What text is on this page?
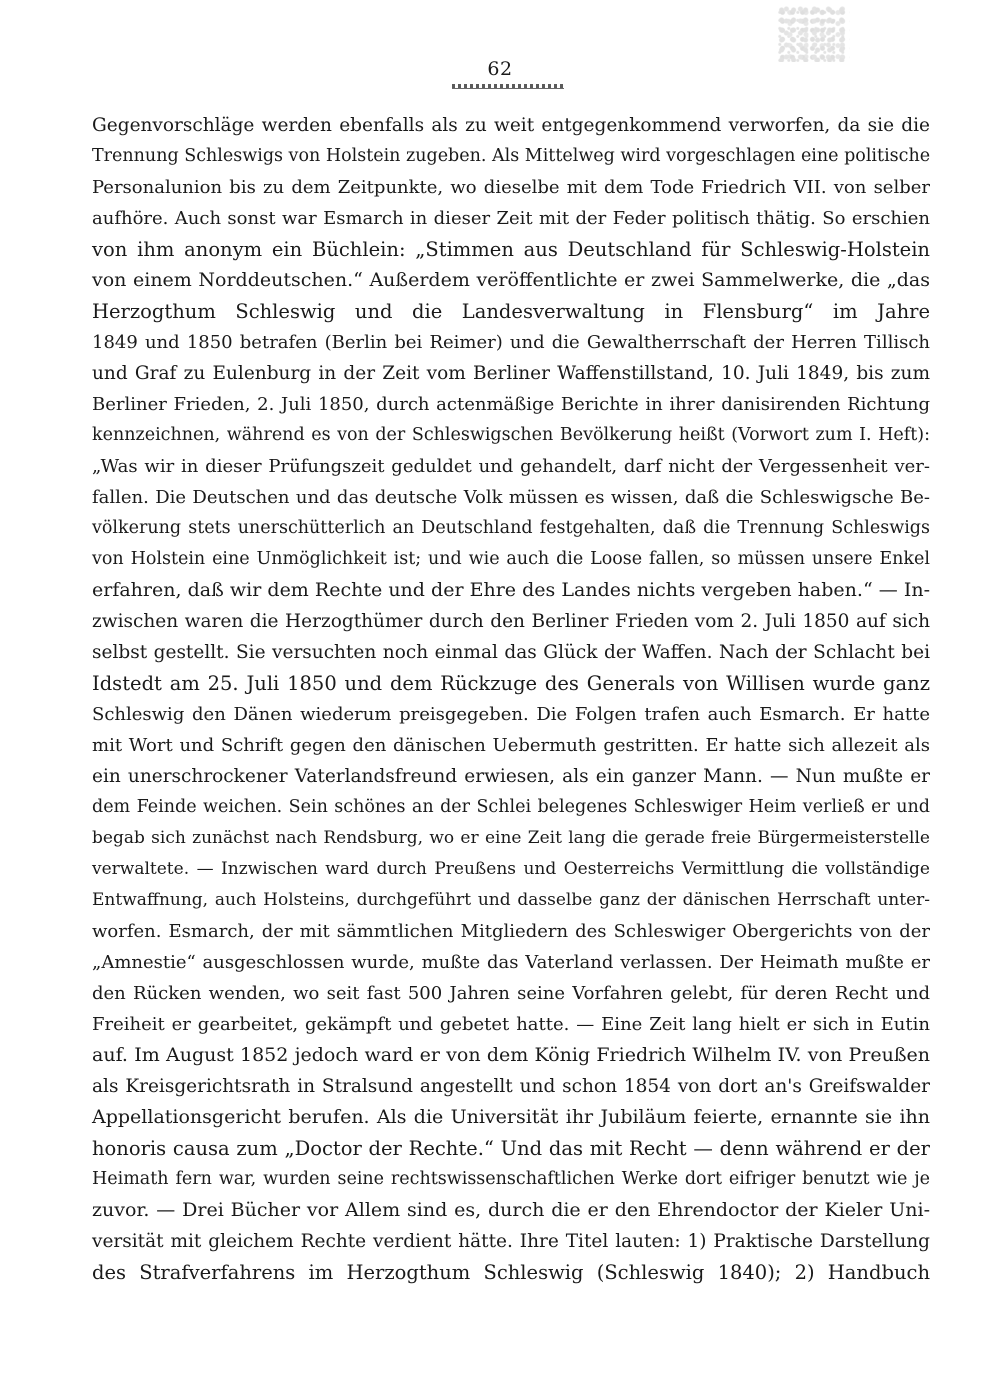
62
Gegenvorschläge werden ebenfalls als zu weit entgegenkommend verworfen, da sie die
Trennung Schleswigs von Holstein zugeben. Als Mittelweg wird vorgeschlagen eine politische
Personalunion bis zu dem Zeitpunkte, wo dieselbe mit dem Tode Friedrich VII. von selber
aufhöre. Auch sonst war Esmarch in dieser Zeit mit der Feder politisch thätig. So erschien
von ihm anonym ein Büchlein: „Stimmen aus Deutschland für Schleswig-Holstein
von einem Norddeutschen.“ Außerdem veröffentlichte er zwei Sammelwerke, die „das
Herzogthum Schleswig und die Landesverwaltung in Flensburg“ im Jahre
1849 und 1850 betrafen (Berlin bei Reimer) und die Gewaltherrschaft der Herren Tillisch
und Graf zu Eulenburg in der Zeit vom Berliner Waffenstillstand, 10. Juli 1849, bis zum
Berliner Frieden, 2. Juli 1850, durch actenmäßige Berichte in ihrer danisirenden Richtung
kennzeichnen, während es von der Schleswigschen Bevölkerung heißt (Vorwort zum I. Heft):
„Was wir in dieser Prüfungszeit geduldet und gehandelt, darf nicht der Vergessenheit ver-
fallen. Die Deutschen und das deutsche Volk müssen es wissen, daß die Schleswigsche Be-
völkerung stets unerschütterlich an Deutschland festgehalten, daß die Trennung Schleswigs
von Holstein eine Unmöglichkeit ist; und wie auch die Loose fallen, so müssen unsere Enkel
erfahren, daß wir dem Rechte und der Ehre des Landes nichts vergeben haben.“ — In-
zwischen waren die Herzogthümer durch den Berliner Frieden vom 2. Juli 1850 auf sich
selbst gestellt. Sie versuchten noch einmal das Glück der Waffen. Nach der Schlacht bei
Idstedt am 25. Juli 1850 und dem Rückzuge des Generals von Willisen wurde ganz
Schleswig den Dänen wiederum preisgegeben. Die Folgen trafen auch Esmarch. Er hatte
mit Wort und Schrift gegen den dänischen Uebermuth gestritten. Er hatte sich allezeit als
ein unerschrockener Vaterlandsfreund erwiesen, als ein ganzer Mann. — Nun mußte er
dem Feinde weichen. Sein schönes an der Schlei belegenes Schleswiger Heim verließ er und
begab sich zunächst nach Rendsburg, wo er eine Zeit lang die gerade freie Bürgermeisterstelle
verwaltete. — Inzwischen ward durch Preußens und Oesterreichs Vermittlung die vollständige
Entwaffnung, auch Holsteins, durchgeführt und dasselbe ganz der dänischen Herrschaft unter-
worfen. Esmarch, der mit sämmtlichen Mitgliedern des Schleswiger Obergerichts von der
„Amnestie“ ausgeschlossen wurde, mußte das Vaterland verlassen. Der Heimath mußte er
den Rücken wenden, wo seit fast 500 Jahren seine Vorfahren gelebt, für deren Recht und
Freiheit er gearbeitet, gekämpft und gebetet hatte. — Eine Zeit lang hielt er sich in Eutin
auf. Im August 1852 jedoch ward er von dem König Friedrich Wilhelm IV. von Preußen
als Kreisgerichtsrath in Stralsund angestellt und schon 1854 von dort an's Greifswalder
Appellationsgericht berufen. Als die Universität ihr Jubiläum feierte, ernannte sie ihn
honoris causa zum „Doctor der Rechte.“ Und das mit Recht — denn während er der
Heimath fern war, wurden seine rechtswissenschaftlichen Werke dort eifriger benutzt wie je
zuvor. — Drei Bücher vor Allem sind es, durch die er den Ehrendoctor der Kieler Uni-
versität mit gleichem Rechte verdient hätte. Ihre Titel lauten: 1) Praktische Darstellung
des Strafverfahrens im Herzogthum Schleswig (Schleswig 1840); 2) Handbuch
